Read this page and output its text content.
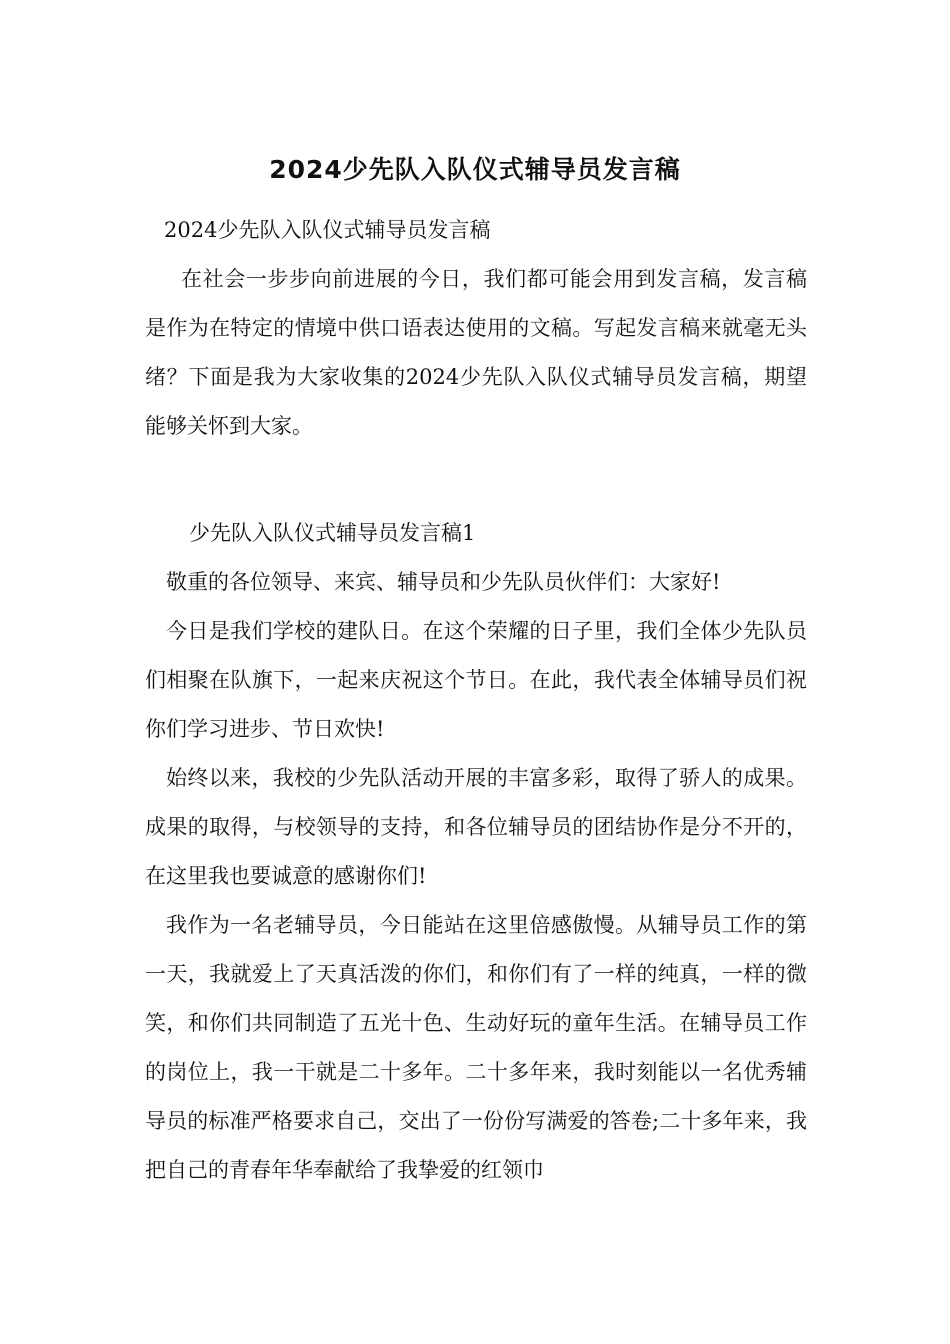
2024少先队入队仪式辅导员发言稿

2024少先队入队仪式辅导员发言稿

在社会一步步向前进展的今日，我们都可能会用到发言稿，发言稿是作为在特定的情境中供口语表达使用的文稿。写起发言稿来就毫无头绪？下面是我为大家收集的2024少先队入队仪式辅导员发言稿，期望能够关怀到大家。

少先队入队仪式辅导员发言稿1

敬重的各位领导、来宾、辅导员和少先队员伙伴们：大家好!

今日是我们学校的建队日。在这个荣耀的日子里，我们全体少先队员们相聚在队旗下，一起来庆祝这个节日。在此，我代表全体辅导员们祝你们学习进步、节日欢快!

始终以来，我校的少先队活动开展的丰富多彩，取得了骄人的成果。成果的取得，与校领导的支持，和各位辅导员的团结协作是分不开的，在这里我也要诚意的感谢你们!

我作为一名老辅导员，今日能站在这里倍感傲慢。从辅导员工作的第一天，我就爱上了天真活泼的你们，和你们有了一样的纯真，一样的微笑，和你们共同制造了五光十色、生动好玩的童年生活。在辅导员工作的岗位上，我一干就是二十多年。二十多年来，我时刻能以一名优秀辅导员的标准严格要求自己，交出了一份份写满爱的答卷;二十多年来，我把自己的青春年华奉献给了我挚爱的红领巾
